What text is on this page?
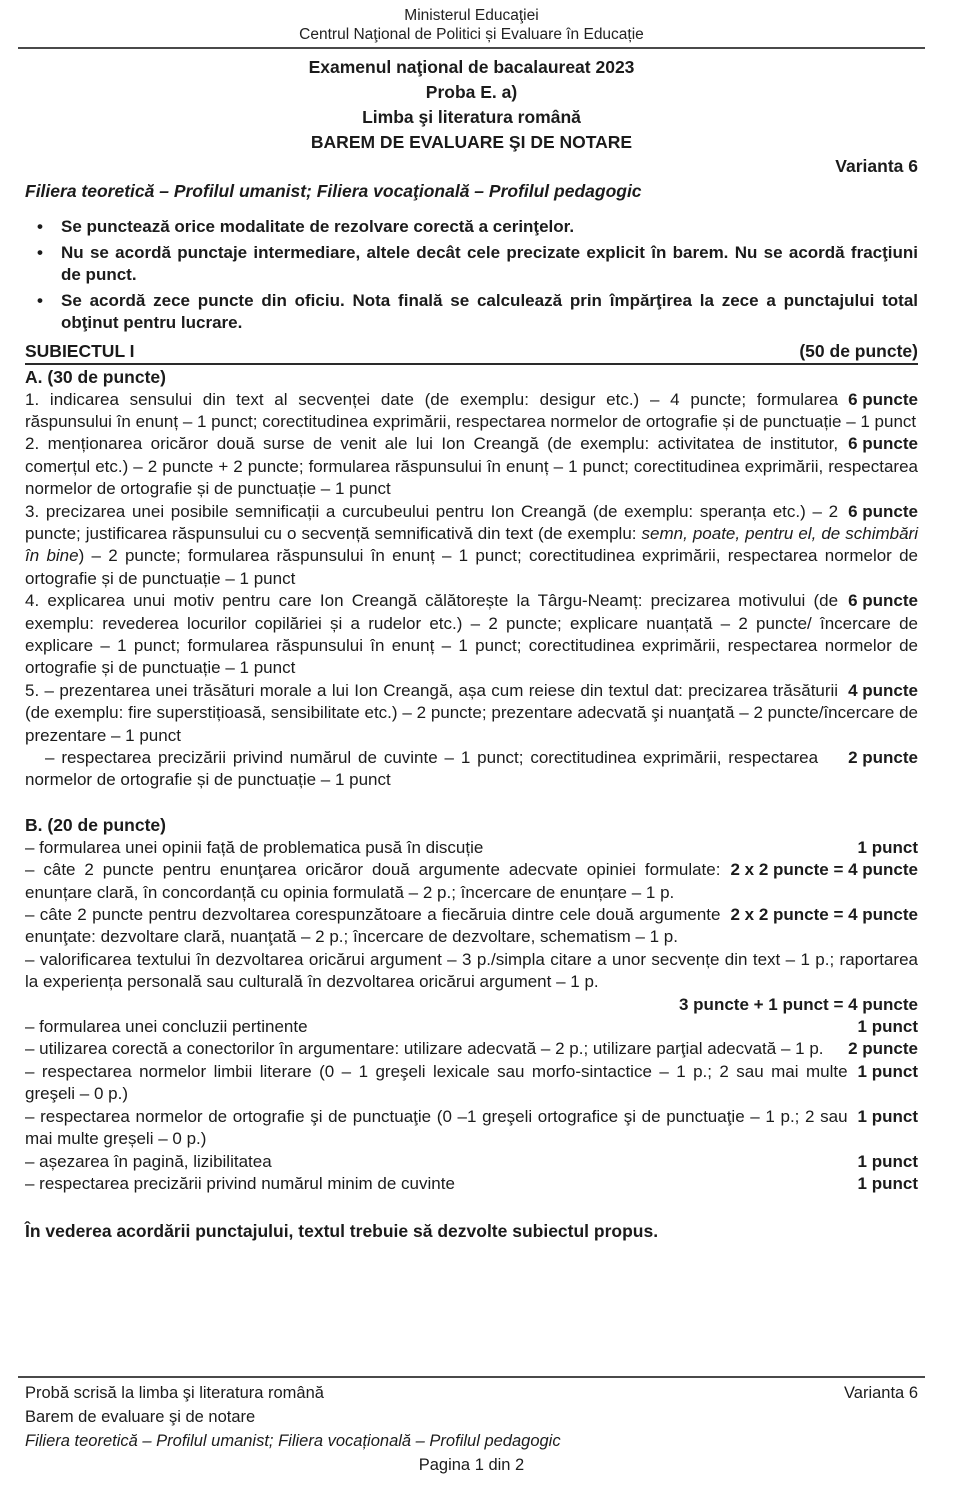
Ministerul Educaţiei
Centrul Naţional de Politici și Evaluare în Educație
Examenul naţional de bacalaureat 2023
Proba E. a)
Limba şi literatura română
BAREM DE EVALUARE ŞI DE NOTARE
Varianta 6
Filiera teoretică – Profilul umanist; Filiera vocaţională – Profilul pedagogic
• Se punctează orice modalitate de rezolvare corectă a cerinţelor.
• Nu se acordă punctaje intermediare, altele decât cele precizate explicit în barem. Nu se acordă fracţiuni de punct.
• Se acordă zece puncte din oficiu. Nota finală se calculează prin împărţirea la zece a punctajului total obţinut pentru lucrare.
SUBIECTUL I	(50 de puncte)
A. (30 de puncte)

6 puncte
1. indicarea sensului din text al secvenței date (de exemplu: desigur etc.) – 4 puncte; formularea răspunsului în enunț – 1 punct; corectitudinea exprimării, respectarea normelor de ortografie și de punctuație – 1 punct

6 puncte
2. menționarea oricăror două surse de venit ale lui Ion Creangă (de exemplu: activitatea de institutor, comerțul etc.) – 2 puncte + 2 puncte; formularea răspunsului în enunț – 1 punct; corectitudinea exprimării, respectarea normelor de ortografie și de punctuație – 1 punct

6 puncte
3. precizarea unei posibile semnificații a curcubeului pentru Ion Creangă (de exemplu: speranța etc.) – 2 puncte; justificarea răspunsului cu o secvență semnificativă din text (de exemplu: semn, poate, pentru el, de schimbări în bine) – 2 puncte; formularea răspunsului în enunț – 1 punct; corectitudinea exprimării, respectarea normelor de ortografie și de punctuație – 1 punct

6 puncte
4. explicarea unui motiv pentru care Ion Creangă călătorește la Târgu-Neamț: precizarea motivului (de exemplu: revederea locurilor copilăriei și a rudelor etc.) – 2 puncte; explicare nuanțată – 2 puncte/ încercare de explicare – 1 punct; formularea răspunsului în enunț – 1 punct; corectitudinea exprimării, respectarea normelor de ortografie și de punctuație – 1 punct

4 puncte
5. – prezentarea unei trăsături morale a lui Ion Creangă, așa cum reiese din textul dat: precizarea trăsăturii (de exemplu: fire superstițioasă, sensibilitate etc.) – 2 puncte; prezentare adecvată şi nuanţată – 2 puncte/încercare de prezentare – 1 punct

2 puncte
– respectarea precizării privind numărul de cuvinte – 1 punct; corectitudinea exprimării, respectarea normelor de ortografie și de punctuație – 1 punct

B. (20 de puncte)

1 punct
– formularea unei opinii față de problematica pusă în discuție

2 x 2 puncte = 4 puncte
– câte 2 puncte pentru enunţarea oricăror două argumente adecvate opiniei formulate: enunțare clară, în concordanță cu opinia formulată – 2 p.; încercare de enunțare – 1 p.

2 x 2 puncte = 4 puncte
– câte 2 puncte pentru dezvoltarea corespunzătoare a fiecăruia dintre cele două argumente enunţate: dezvoltare clară, nuanţată – 2 p.; încercare de dezvoltare, schematism – 1 p.

– valorificarea textului în dezvoltarea oricărui argument – 3 p./simpla citare a unor secvențe din text – 1 p.; raportarea la experiența personală sau culturală în dezvoltarea oricărui argument – 1 p.

3 puncte + 1 punct = 4 puncte

1 punct
– formularea unei concluzii pertinente

2 puncte
– utilizarea corectă a conectorilor în argumentare: utilizare adecvată – 2 p.; utilizare parţial adecvată – 1 p.

1 punct
– respectarea normelor limbii literare (0 – 1 greşeli lexicale sau morfo-sintactice – 1 p.; 2 sau mai multe greşeli – 0 p.)

1 punct
– respectarea normelor de ortografie şi de punctuaţie (0 –1 greşeli ortografice şi de punctuaţie – 1 p.; 2 sau mai multe greșeli – 0 p.)

1 punct
– așezarea în pagină, lizibilitatea

1 punct
– respectarea precizării privind numărul minim de cuvinte

În vederea acordării punctajului, textul trebuie să dezvolte subiectul propus.
Probă scrisă la limba şi literatura română	Varianta 6
Barem de evaluare şi de notare
Filiera teoretică – Profilul umanist; Filiera vocațională – Profilul pedagogic
Pagina 1 din 2
